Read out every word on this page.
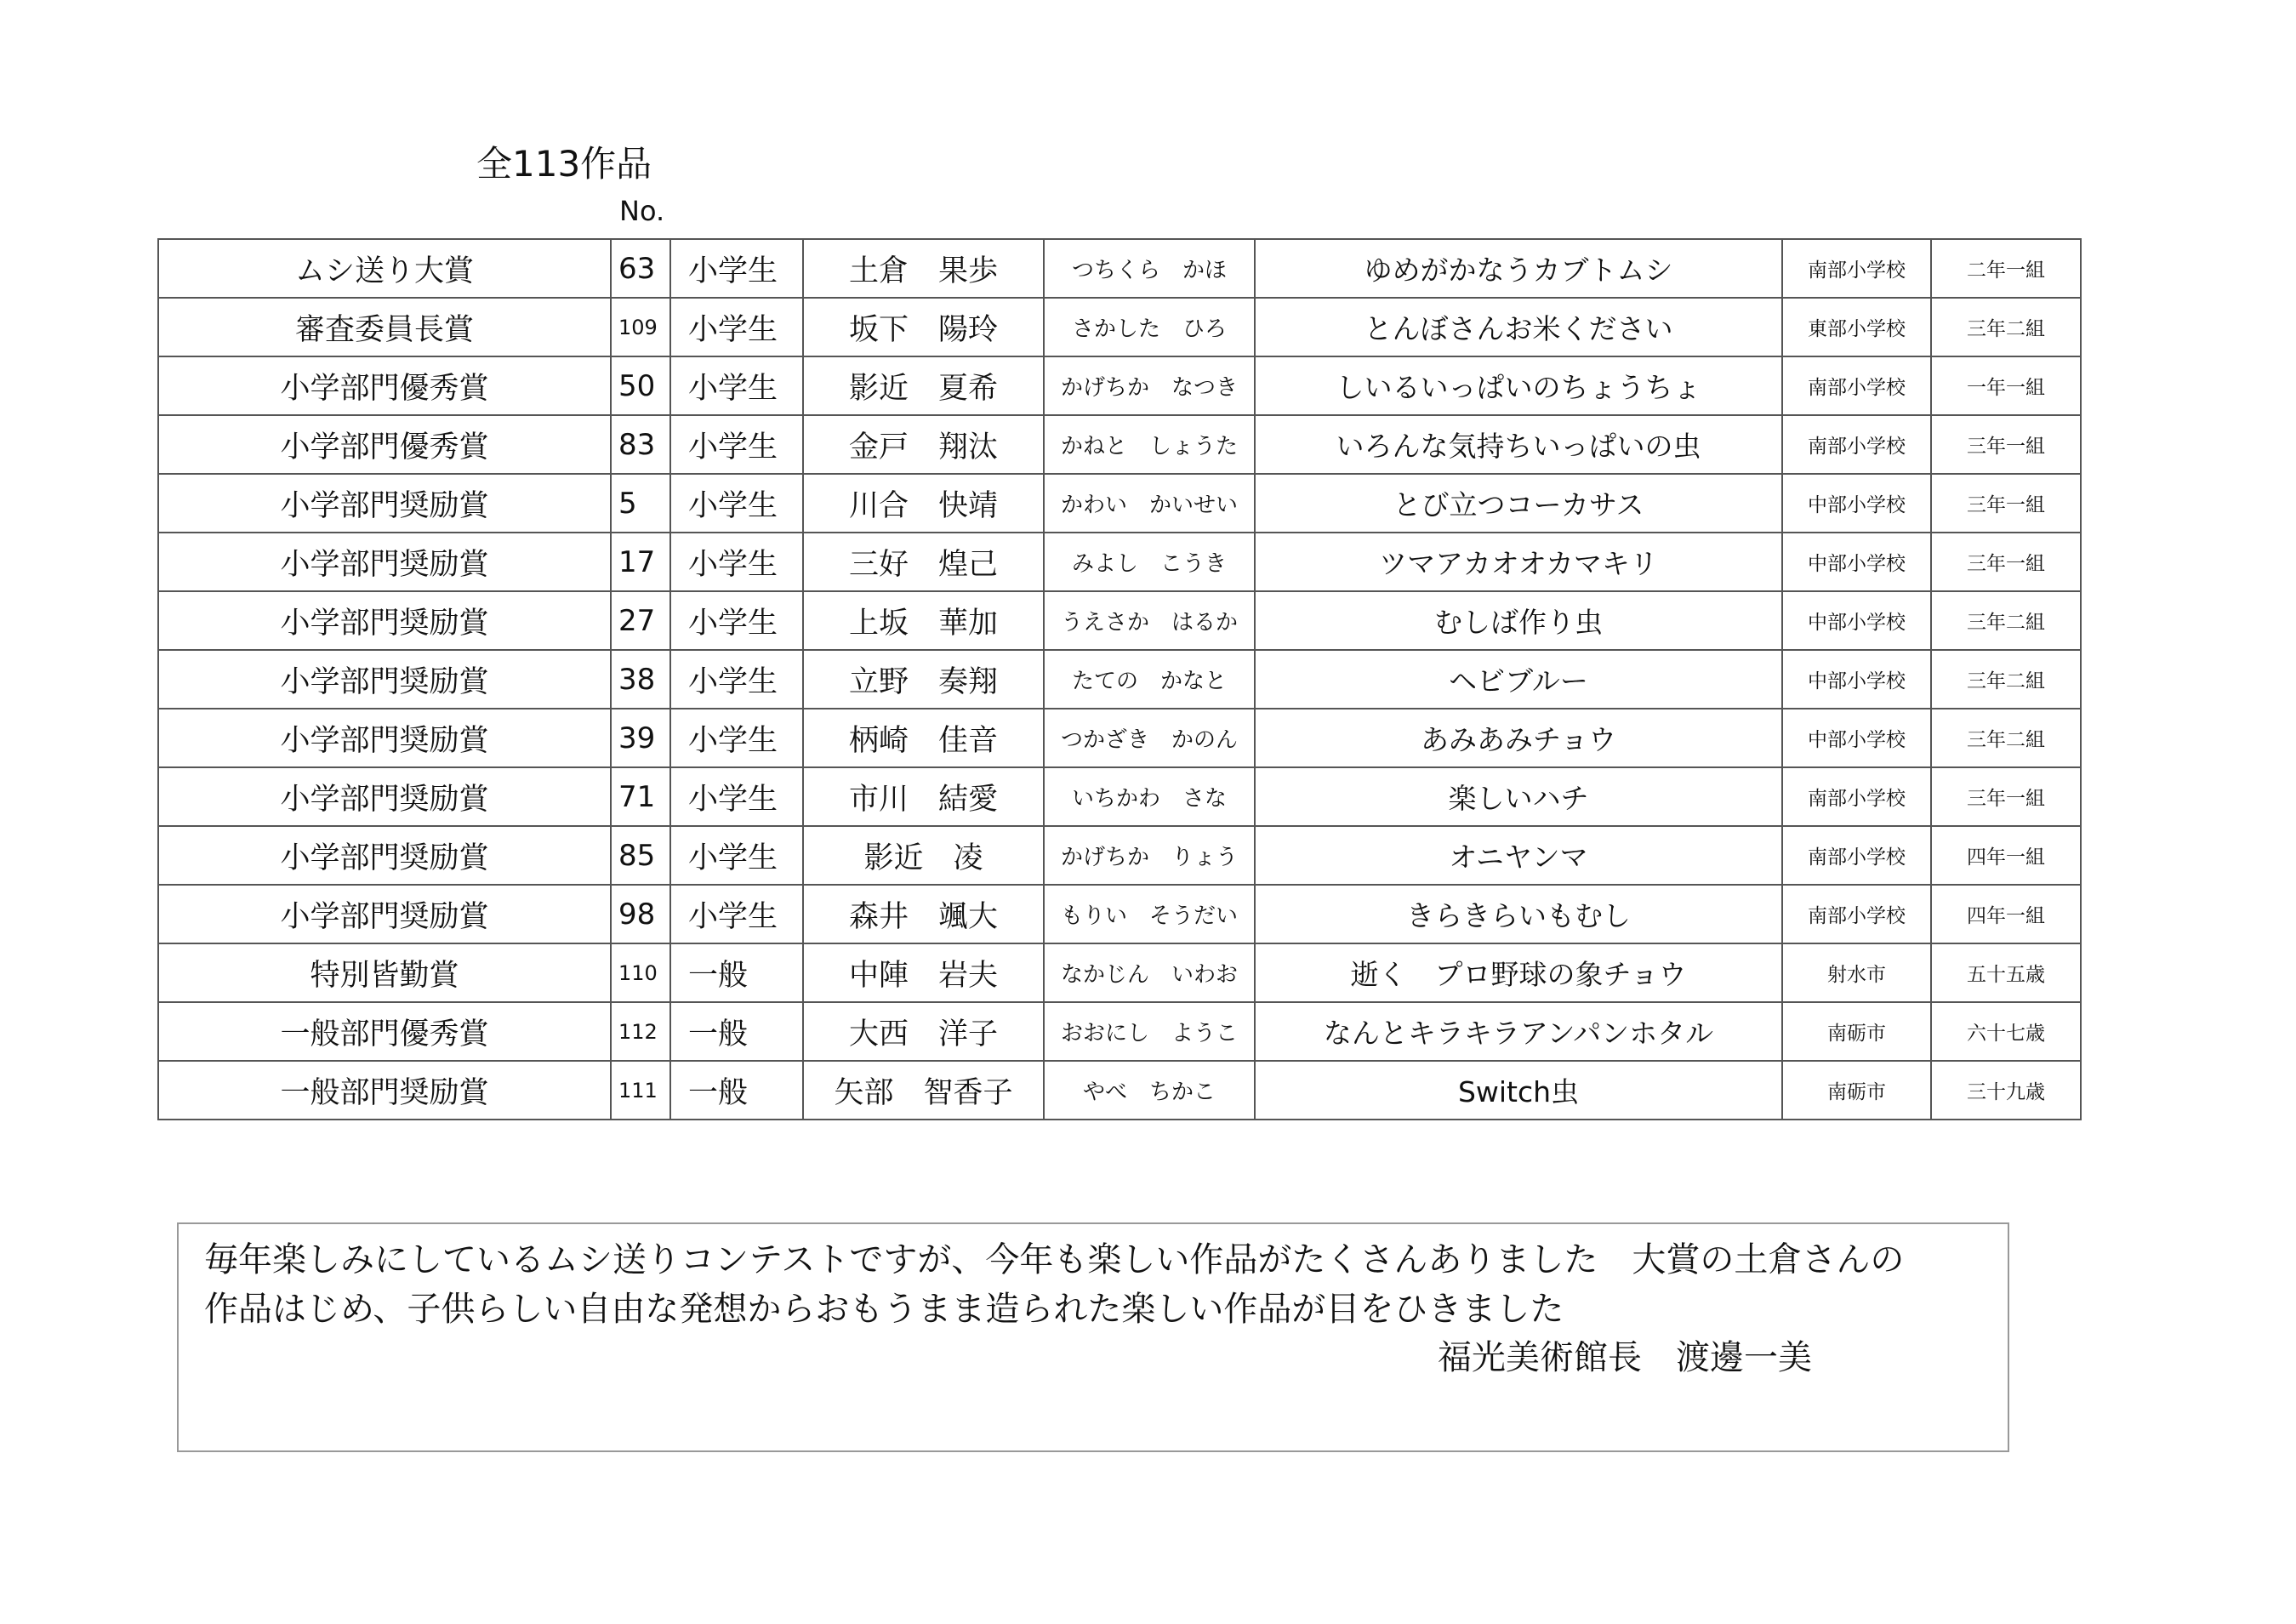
全113作品
No.
ムシ送り大賞	63	小学生	土倉　果歩	つちくら　かほ	ゆめがかなうカブトムシ	南部小学校	二年一組
審査委員長賞	109	小学生	坂下　陽玲	さかした　ひろ	とんぼさんお米ください	東部小学校	三年二組
小学部門優秀賞	50	小学生	影近　夏希	かげちか　なつき	しいるいっぱいのちょうちょ	南部小学校	一年一組
小学部門優秀賞	83	小学生	金戸　翔汰	かねと　しょうた	いろんな気持ちいっぱいの虫	南部小学校	三年一組
小学部門奨励賞	5	小学生	川合　快靖	かわい　かいせい	とび立つコーカサス	中部小学校	三年一組
小学部門奨励賞	17	小学生	三好　煌己	みよし　こうき	ツマアカオオカマキリ	中部小学校	三年一組
小学部門奨励賞	27	小学生	上坂　華加	うえさか　はるか	むしば作り虫	中部小学校	三年二組
小学部門奨励賞	38	小学生	立野　奏翔	たての　かなと	ヘビブルー	中部小学校	三年二組
小学部門奨励賞	39	小学生	柄崎　佳音	つかざき　かのん	あみあみチョウ	中部小学校	三年二組
小学部門奨励賞	71	小学生	市川　結愛	いちかわ　さな	楽しいハチ	南部小学校	三年一組
小学部門奨励賞	85	小学生	影近　凌	かげちか　りょう	オニヤンマ	南部小学校	四年一組
小学部門奨励賞	98	小学生	森井　颯大	もりい　そうだい	きらきらいもむし	南部小学校	四年一組
特別皆勤賞	110	一般	中陣　岩夫	なかじん　いわお	逝く　プロ野球の象チョウ	射水市	五十五歳
一般部門優秀賞	112	一般	大西　洋子	おおにし　ようこ	なんとキラキラアンパンホタル	南砺市	六十七歳
一般部門奨励賞	111	一般	矢部　智香子	やべ　ちかこ	Switch虫	南砺市	三十九歳
毎年楽しみにしているムシ送りコンテストですが、今年も楽しい作品がたくさんありました　大賞の土倉さんの
作品はじめ、子供らしい自由な発想からおもうまま造られた楽しい作品が目をひきました
福光美術館長　渡邊一美
